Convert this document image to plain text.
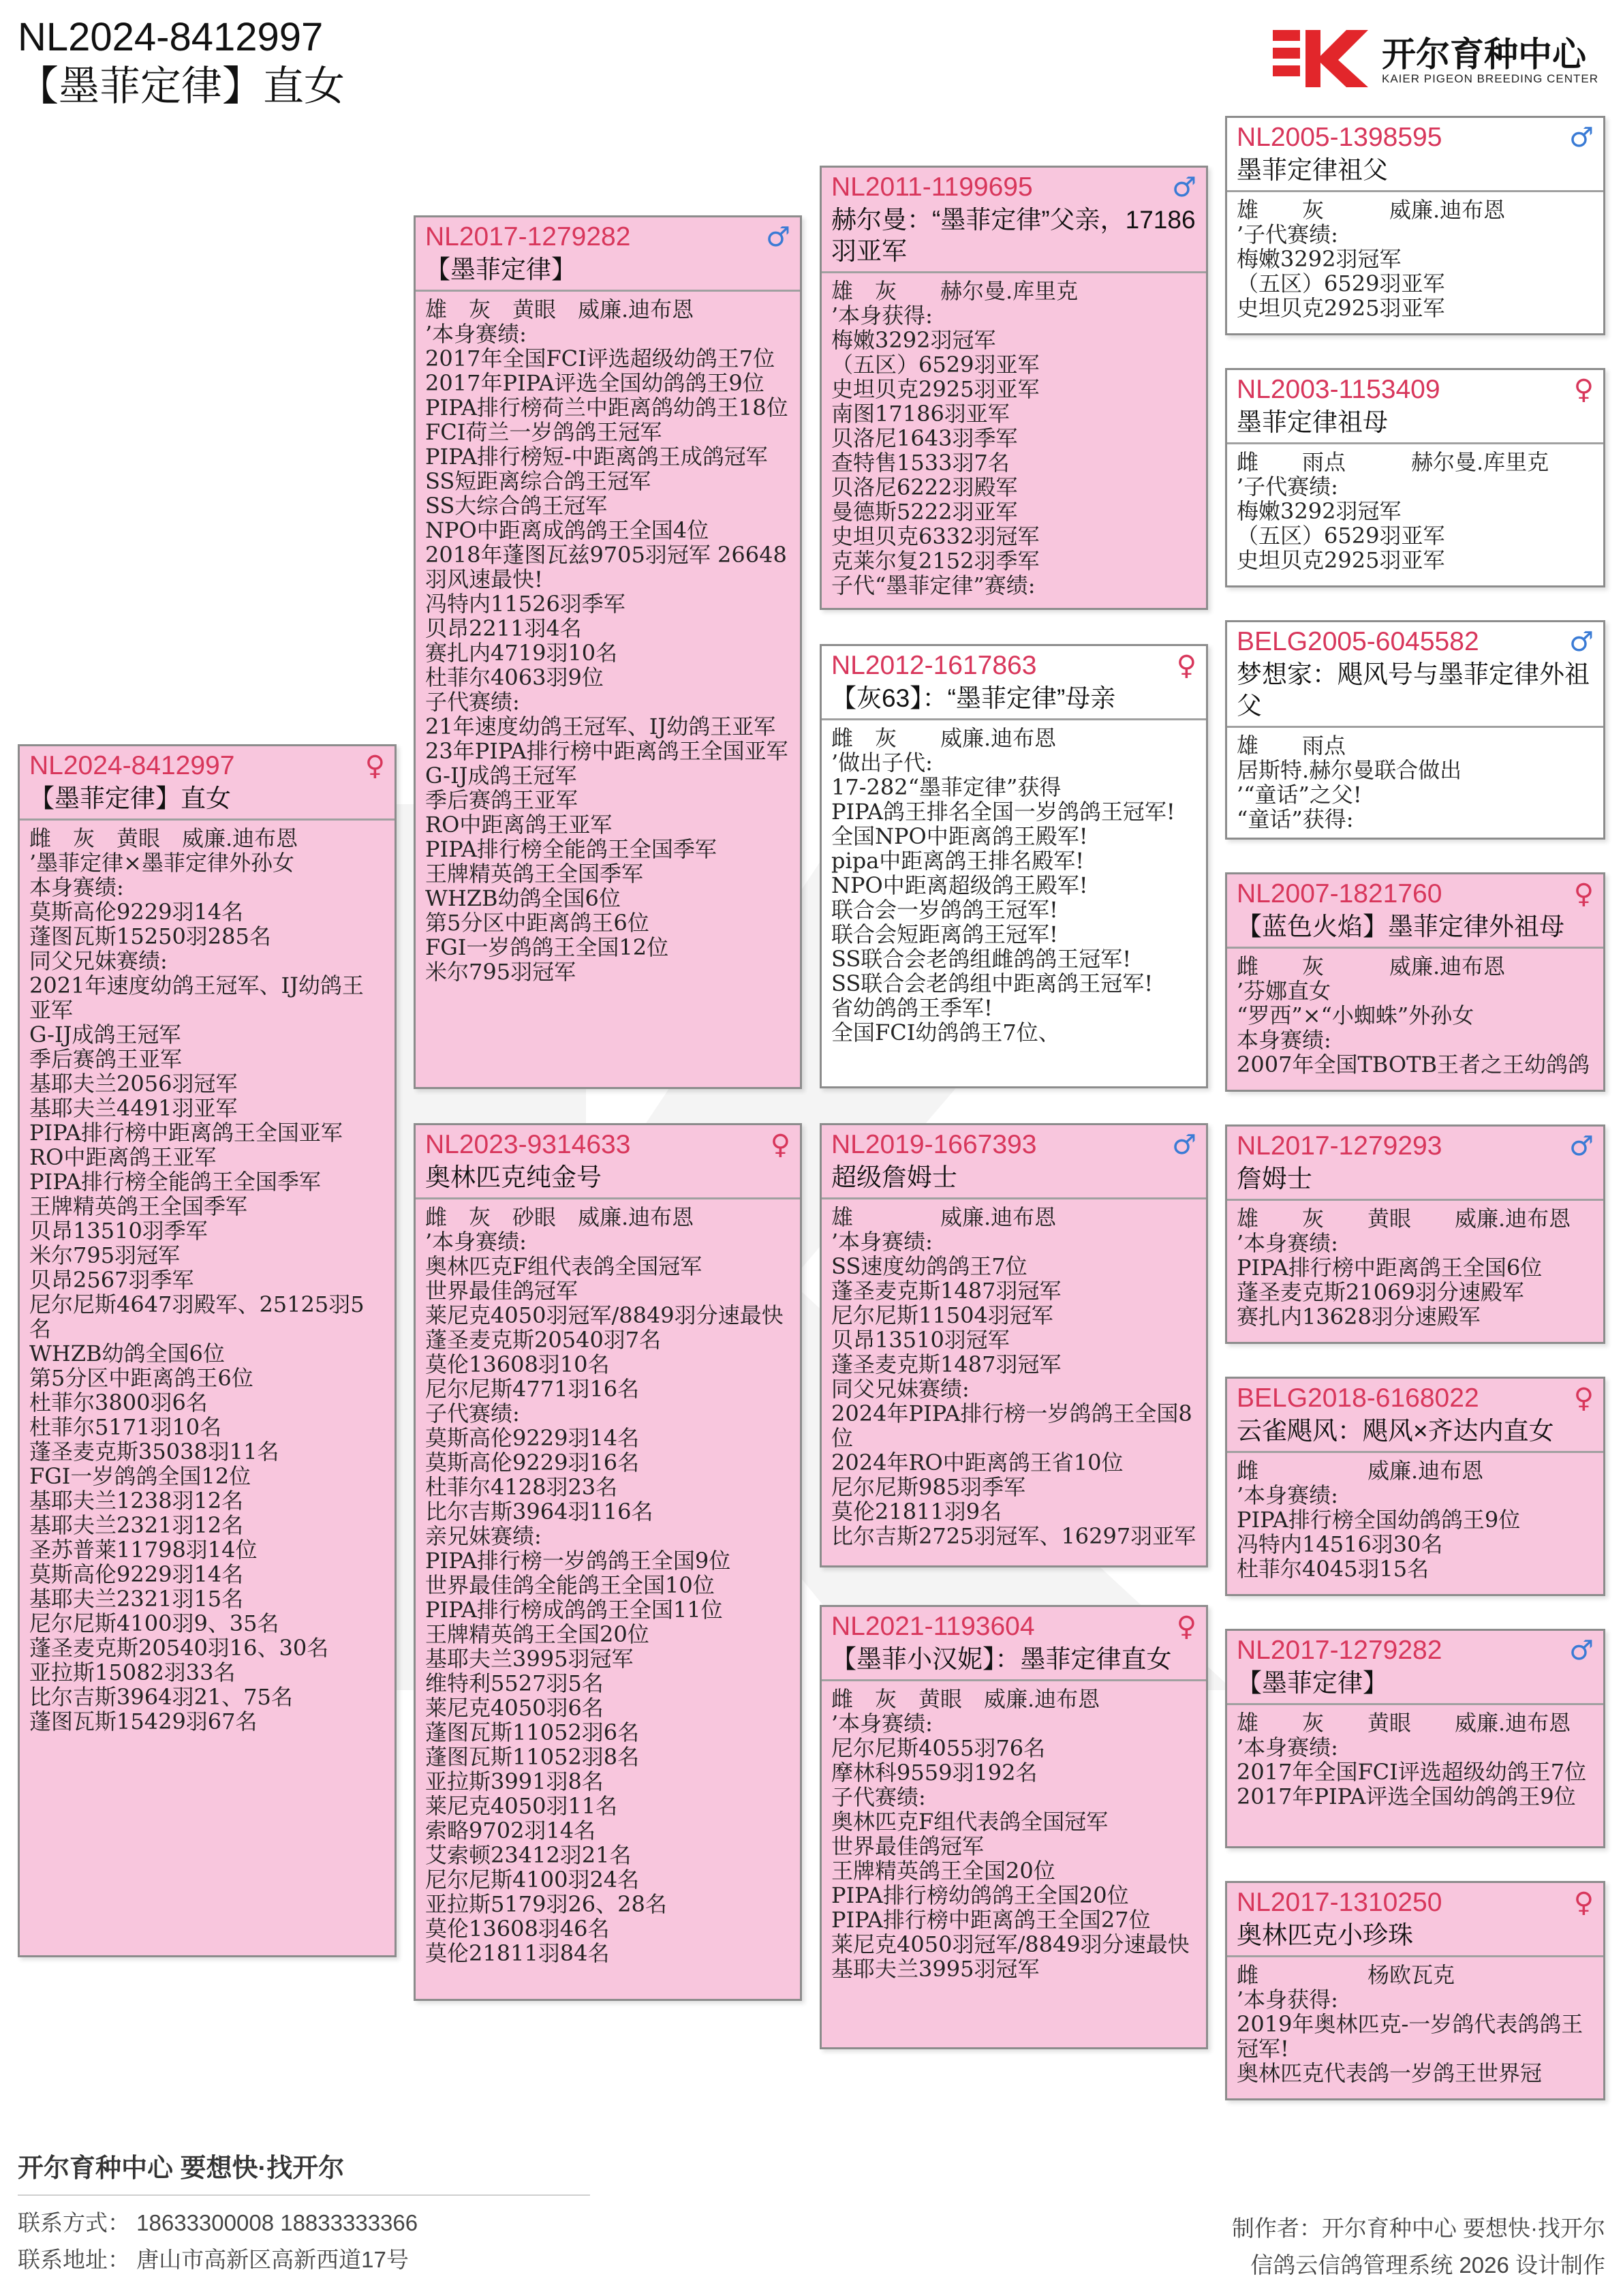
NL2024-8412997
【墨菲定律】直女
开尔育种中心
KAIER PIGEON BREEDING CENTER
NL2024-8412997	♀
【墨菲定律】直女
雌　灰　黄眼　威廉.迪布恩
’墨菲定律×墨菲定律外孙女
本身赛绩:
莫斯高伦9229羽14名
蓬图瓦斯15250羽285名
同父兄妹赛绩:
2021年速度幼鸽王冠军、IJ幼鸽王亚军
G-IJ成鸽王冠军
季后赛鸽王亚军
基耶夫兰2056羽冠军
基耶夫兰4491羽亚军
PIPA排行榜中距离鸽王全国亚军
RO中距离鸽王亚军
PIPA排行榜全能鸽王全国季军
王牌精英鸽王全国季军
贝昂13510羽季军
米尔795羽冠军
贝昂2567羽季军
尼尔尼斯4647羽殿军、25125羽5名
WHZB幼鸽全国6位
第5分区中距离鸽王6位
杜菲尔3800羽6名
杜菲尔5171羽10名
蓬圣麦克斯35038羽11名
FGI一岁鸽鸽全国12位
基耶夫兰1238羽12名
基耶夫兰2321羽12名
圣苏普莱11798羽14位
莫斯高伦9229羽14名
基耶夫兰2321羽15名
尼尔尼斯4100羽9、35名
蓬圣麦克斯20540羽16、30名
亚拉斯15082羽33名
比尔吉斯3964羽21、75名
蓬图瓦斯15429羽67名
NL2017-1279282	♂
【墨菲定律】
雄　灰　黄眼　威廉.迪布恩
’本身赛绩:
2017年全国FCI评选超级幼鸽王7位
2017年PIPA评选全国幼鸽鸽王9位
PIPA排行榜荷兰中距离鸽幼鸽王18位
FCI荷兰一岁鸽鸽王冠军
PIPA排行榜短-中距离鸽王成鸽冠军
SS短距离综合鸽王冠军
SS大综合鸽王冠军
NPO中距离成鸽鸽王全国4位
2018年蓬图瓦兹9705羽冠军 26648羽风速最快!
冯特内11526羽季军
贝昂2211羽4名
赛扎内4719羽10名
杜菲尔4063羽9位
子代赛绩:
21年速度幼鸽王冠军、IJ幼鸽王亚军
23年PIPA排行榜中距离鸽王全国亚军
G-IJ成鸽王冠军
季后赛鸽王亚军
RO中距离鸽王亚军
PIPA排行榜全能鸽王全国季军
王牌精英鸽王全国季军
WHZB幼鸽全国6位
第5分区中距离鸽王6位
FGI一岁鸽鸽王全国12位
米尔795羽冠军
NL2023-9314633	♀
奥林匹克纯金号
雌　灰　砂眼　威廉.迪布恩
’本身赛绩:
奥林匹克F组代表鸽全国冠军
世界最佳鸽冠军
莱尼克4050羽冠军/8849羽分速最快
蓬圣麦克斯20540羽7名
莫伦13608羽10名
尼尔尼斯4771羽16名
子代赛绩:
莫斯高伦9229羽14名
莫斯高伦9229羽16名
杜菲尔4128羽23名
比尔吉斯3964羽116名
亲兄妹赛绩:
PIPA排行榜一岁鸽鸽王全国9位
世界最佳鸽全能鸽王全国10位
PIPA排行榜成鸽鸽王全国11位
王牌精英鸽王全国20位
基耶夫兰3995羽冠军
维特利5527羽5名
莱尼克4050羽6名
蓬图瓦斯11052羽6名
蓬图瓦斯11052羽8名
亚拉斯3991羽8名
莱尼克4050羽11名
索略9702羽14名
艾索顿23412羽21名
尼尔尼斯4100羽24名
亚拉斯5179羽26、28名
莫伦13608羽46名
莫伦21811羽84名
NL2011-1199695	♂
赫尔曼：“墨菲定律”父亲，17186羽亚军
雄　灰　　赫尔曼.库里克
’本身获得:
梅嫩3292羽冠军
（五区）6529羽亚军
史坦贝克2925羽亚军
南图17186羽亚军
贝洛尼1643羽季军
查特售1533羽7名
贝洛尼6222羽殿军
曼德斯5222羽亚军
史坦贝克6332羽冠军
克莱尔复2152羽季军
子代“墨菲定律”赛绩:
NL2012-1617863	♀
【灰63】：“墨菲定律”母亲
雌　灰　　威廉.迪布恩
’做出子代:
17-282“墨菲定律”获得
PIPA鸽王排名全国一岁鸽鸽王冠军!
全国NPO中距离鸽王殿军!
pipa中距离鸽王排名殿军!
NPO中距离超级鸽王殿军!
联合会一岁鸽鸽王冠军!
联合会短距离鸽王冠军!
SS联合会老鸽组雌鸽鸽王冠军!
SS联合会老鸽组中距离鸽王冠军!
省幼鸽鸽王季军!
全国FCI幼鸽鸽王7位、
NL2019-1667393	♂
超级詹姆士
雄　　　　威廉.迪布恩
’本身赛绩:
SS速度幼鸽鸽王7位
蓬圣麦克斯1487羽冠军
尼尔尼斯11504羽冠军
贝昂13510羽冠军
蓬圣麦克斯1487羽冠军
同父兄妹赛绩:
2024年PIPA排行榜一岁鸽鸽王全国8位
2024年RO中距离鸽王省10位
尼尔尼斯985羽季军
莫伦21811羽9名
比尔吉斯2725羽冠军、16297羽亚军
NL2021-1193604	♀
【墨菲小汉妮】：墨菲定律直女
雌　灰　黄眼　威廉.迪布恩
’本身赛绩:
尼尔尼斯4055羽76名
摩林科9559羽192名
子代赛绩:
奥林匹克F组代表鸽全国冠军
世界最佳鸽冠军
王牌精英鸽王全国20位
PIPA排行榜幼鸽鸽王全国20位
PIPA排行榜中距离鸽王全国27位
莱尼克4050羽冠军/8849羽分速最快
基耶夫兰3995羽冠军
NL2005-1398595	♂
墨菲定律祖父
雄　　灰　　　威廉.迪布恩
’子代赛绩:
梅嫩3292羽冠军
（五区）6529羽亚军
史坦贝克2925羽亚军
NL2003-1153409	♀
墨菲定律祖母
雌　　雨点　　　赫尔曼.库里克
’子代赛绩:
梅嫩3292羽冠军
（五区）6529羽亚军
史坦贝克2925羽亚军
BELG2005-6045582	♂
梦想家：飓风号与墨菲定律外祖父
雄　　雨点
居斯特.赫尔曼联合做出
’“童话”之父!
“童话”获得:
NL2007-1821760	♀
【蓝色火焰】墨菲定律外祖母
雌　　灰　　　威廉.迪布恩
’芬娜直女
“罗西”×“小蜘蛛”外孙女
本身赛绩:
2007年全国TBOTB王者之王幼鸽鸽
NL2017-1279293	♂
詹姆士
雄　　灰　　黄眼　　威廉.迪布恩
’本身赛绩:
PIPA排行榜中距离鸽王全国6位
蓬圣麦克斯21069羽分速殿军
赛扎内13628羽分速殿军
BELG2018-6168022	♀
云雀飓风：飓风×齐达内直女
雌　　　　　威廉.迪布恩
’本身赛绩:
PIPA排行榜全国幼鸽鸽王9位
冯特内14516羽30名
杜菲尔4045羽15名
NL2017-1279282	♂
【墨菲定律】
雄　　灰　　黄眼　　威廉.迪布恩
’本身赛绩:
2017年全国FCI评选超级幼鸽王7位
2017年PIPA评选全国幼鸽鸽王9位
NL2017-1310250	♀
奥林匹克小珍珠
雌　　　　　杨欧瓦克
’本身获得:
2019年奥林匹克-一岁鸽代表鸽鸽王冠军!
奥林匹克代表鸽一岁鸽王世界冠
开尔育种中心 要想快·找开尔
联系方式： 18633300008 18833333366
联系地址： 唐山市高新区高新西道17号
制作者：开尔育种中心 要想快·找开尔
信鸽云信鸽管理系统 2026 设计制作
